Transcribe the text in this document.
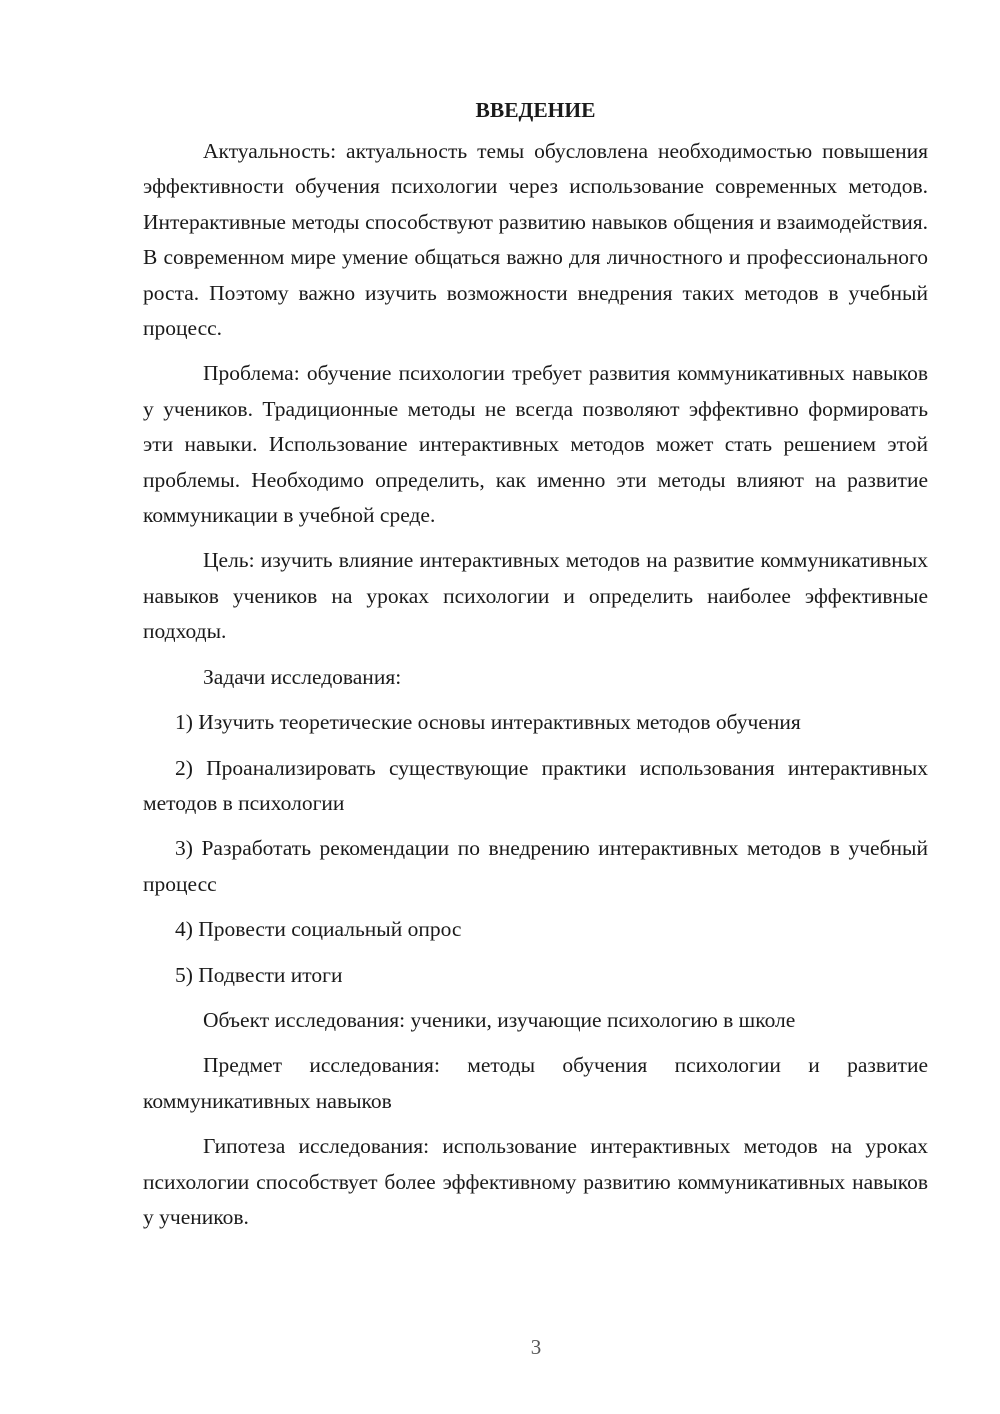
ВВЕДЕНИЕ

Актуальность: актуальность темы обусловлена необходимостью повышения эффективности обучения психологии через использование современных методов. Интерактивные методы способствуют развитию навыков общения и взаимодействия. В современном мире умение общаться важно для личностного и профессионального роста. Поэтому важно изучить возможности внедрения таких методов в учебный процесс.

Проблема: обучение психологии требует развития коммуникативных навыков у учеников. Традиционные методы не всегда позволяют эффективно формировать эти навыки. Использование интерактивных методов может стать решением этой проблемы. Необходимо определить, как именно эти методы влияют на развитие коммуникации в учебной среде.

Цель: изучить влияние интерактивных методов на развитие коммуникативных навыков учеников на уроках психологии и определить наиболее эффективные подходы.

Задачи исследования:

1) Изучить теоретические основы интерактивных методов обучения

2) Проанализировать существующие практики использования интерактивных методов в психологии

3) Разработать рекомендации по внедрению интерактивных методов в учебный процесс

4) Провести социальный опрос

5) Подвести итоги

Объект исследования: ученики, изучающие психологию в школе

Предмет исследования: методы обучения психологии и развитие коммуникативных навыков

Гипотеза исследования: использование интерактивных методов на уроках психологии способствует более эффективному развитию коммуникативных навыков у учеников.

3
